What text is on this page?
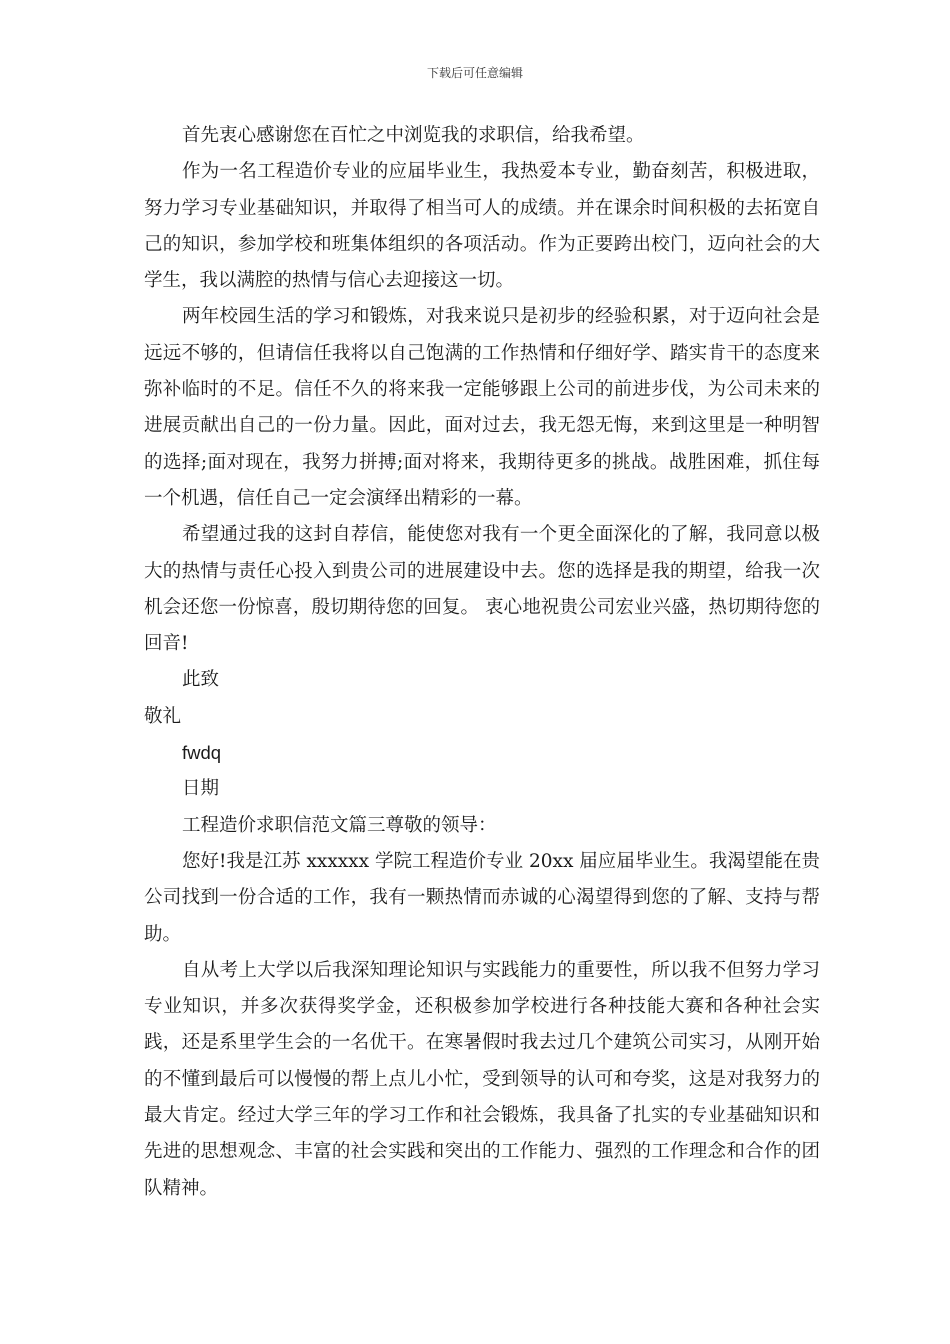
下载后可任意编辑

首先衷心感谢您在百忙之中浏览我的求职信，给我希望。

作为一名工程造价专业的应届毕业生，我热爱本专业，勤奋刻苦，积极进取，努力学习专业基础知识，并取得了相当可人的成绩。并在课余时间积极的去拓宽自己的知识，参加学校和班集体组织的各项活动。作为正要跨出校门，迈向社会的大学生，我以满腔的热情与信心去迎接这一切。

两年校园生活的学习和锻炼，对我来说只是初步的经验积累，对于迈向社会是远远不够的，但请信任我将以自己饱满的工作热情和仔细好学、踏实肯干的态度来弥补临时的不足。信任不久的将来我一定能够跟上公司的前进步伐，为公司未来的进展贡献出自己的一份力量。因此，面对过去，我无怨无悔，来到这里是一种明智的选择;面对现在，我努力拼搏;面对将来，我期待更多的挑战。战胜困难，抓住每一个机遇，信任自己一定会演绎出精彩的一幕。

希望通过我的这封自荐信，能使您对我有一个更全面深化的了解，我同意以极大的热情与责任心投入到贵公司的进展建设中去。您的选择是我的期望，给我一次机会还您一份惊喜，殷切期待您的回复。 衷心地祝贵公司宏业兴盛，热切期待您的回音!

此致

敬礼

fwdq

日期

工程造价求职信范文篇三尊敬的领导：

您好!我是江苏 xxxxxx 学院工程造价专业 20xx 届应届毕业生。我渴望能在贵公司找到一份合适的工作，我有一颗热情而赤诚的心渴望得到您的了解、支持与帮助。

自从考上大学以后我深知理论知识与实践能力的重要性，所以我不但努力学习专业知识，并多次获得奖学金，还积极参加学校进行各种技能大赛和各种社会实践，还是系里学生会的一名优干。在寒暑假时我去过几个建筑公司实习，从刚开始的不懂到最后可以慢慢的帮上点儿小忙，受到领导的认可和夸奖，这是对我努力的最大肯定。经过大学三年的学习工作和社会锻炼，我具备了扎实的专业基础知识和先进的思想观念、丰富的社会实践和突出的工作能力、强烈的工作理念和合作的团队精神。
